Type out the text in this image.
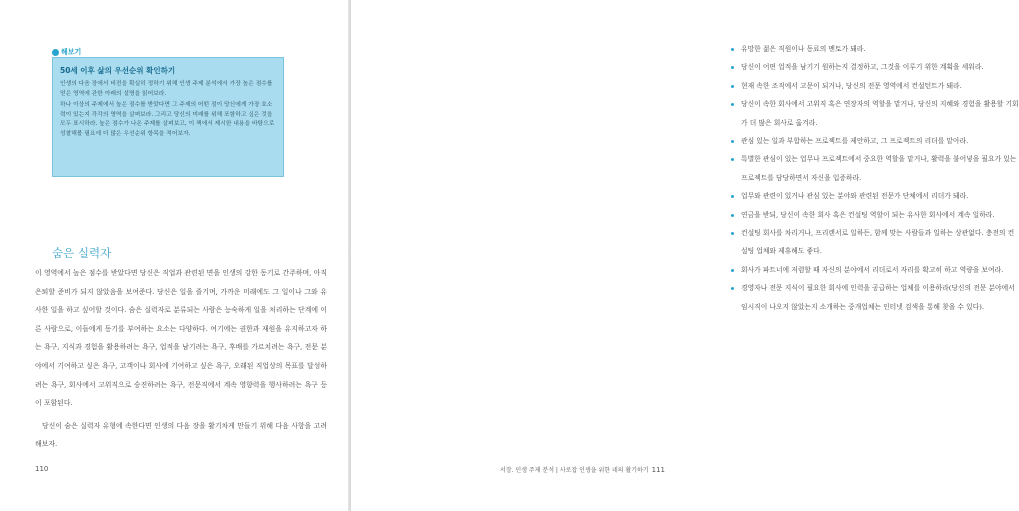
해보기
50세 이후 삶의 우선순위 확인하기

인생의 다음 장에서 비전을 확실히 정하기 위해 인생 주제 분석에서 가장 높은 점수를 얻은 영역에 관한 아래의 설명을 읽어보라.

하나 이상의 주제에서 높은 점수를 받았다면 그 주제의 어떤 점이 당신에게 가장 호소력이 있는지 각각의 영역을 살펴보라. 그리고 당신의 미래를 위해 포함하고 싶은 것을 모두 표시하라. 높은 점수가 나온 주제를 살펴보고, 이 책에서 제시한 내용을 바탕으로 성찰해볼 필요에 더 많은 우선순위 항목을 적어보자.

숨은 실력자

이 영역에서 높은 점수를 받았다면 당신은 직업과 관련된 면을 인생의 강한 동기로 간주하며, 아직 은퇴할 준비가 되지 않았음을 보여준다. 당신은 일을 즐기며, 가까운 미래에도 그 일이나 그와 유사한 일을 하고 싶어할 것이다. 숨은 실력자로 분류되는 사람은 능숙하게 일을 처리하는 단계에 이른 사람으로, 이들에게 동기를 부여하는 요소는 다양하다. 여기에는 권한과 재원을 유지하고자 하는 욕구, 지식과 경험을 활용하려는 욕구, 업적을 남기려는 욕구, 후배를 가르치려는 욕구, 전문 분야에서 기여하고 싶은 욕구, 고객이나 회사에 기여하고 싶은 욕구, 오래된 직업상의 목표를 달성하려는 욕구, 회사에서 고위직으로 승진하려는 욕구, 전문직에서 계속 영향력을 행사하려는 욕구 등이 포함된다.

당신이 숨은 실력자 유형에 속한다면 인생의 다음 장을 활기차게 만들기 위해 다음 사항을 고려해보자.

110
유망한 젊은 직원이나 동료의 멘토가 돼라.
당신이 어떤 업적을 남기기 원하는지 결정하고, 그것을 이루기 위한 계획을 세워라.
현재 속한 조직에서 고문이 되거나, 당신의 전문 영역에서 컨설턴트가 돼라.
당신이 속한 회사에서 고위직 혹은 연장자의 역할을 맡거나, 당신의 지혜와 경험을 활용할 기회가 더 많은 회사로 옮겨라.
관심 있는 일과 부합하는 프로젝트를 제안하고, 그 프로젝트의 리더를 맡아라.
특별한 관심이 있는 업무나 프로젝트에서 중요한 역할을 맡거나, 활력을 불어넣을 필요가 있는 프로젝트를 담당하면서 자신을 입증하라.
업무와 관련이 있거나 관심 있는 분야와 관련된 전문가 단체에서 리더가 돼라.
연금을 받되, 당신이 속한 회사 혹은 컨설팅 역할이 되는 유사한 회사에서 계속 일하라.
컨설팅 회사를 차리거나, 프리랜서로 일하든, 함께 맞는 사람들과 일하는 상관없다. 충전의 컨설팅 업체와 제휴해도 좋다.
회사가 파트너에 저렴할 때 자신의 분야에서 리더로서 자리를 확고히 하고 역량을 보여라.
경영자나 전문 지식이 필요한 회사에 인력을 공급하는 업체를 이용하라(당신의 전문 분야에서 임시직이 나오지 않았는지 소개하는 중개업체는 인터넷 검색을 통해 찾을 수 있다).
서장. 인생 주제 분석 | 사로잡 인생을 위한 네의 활기하기 111
